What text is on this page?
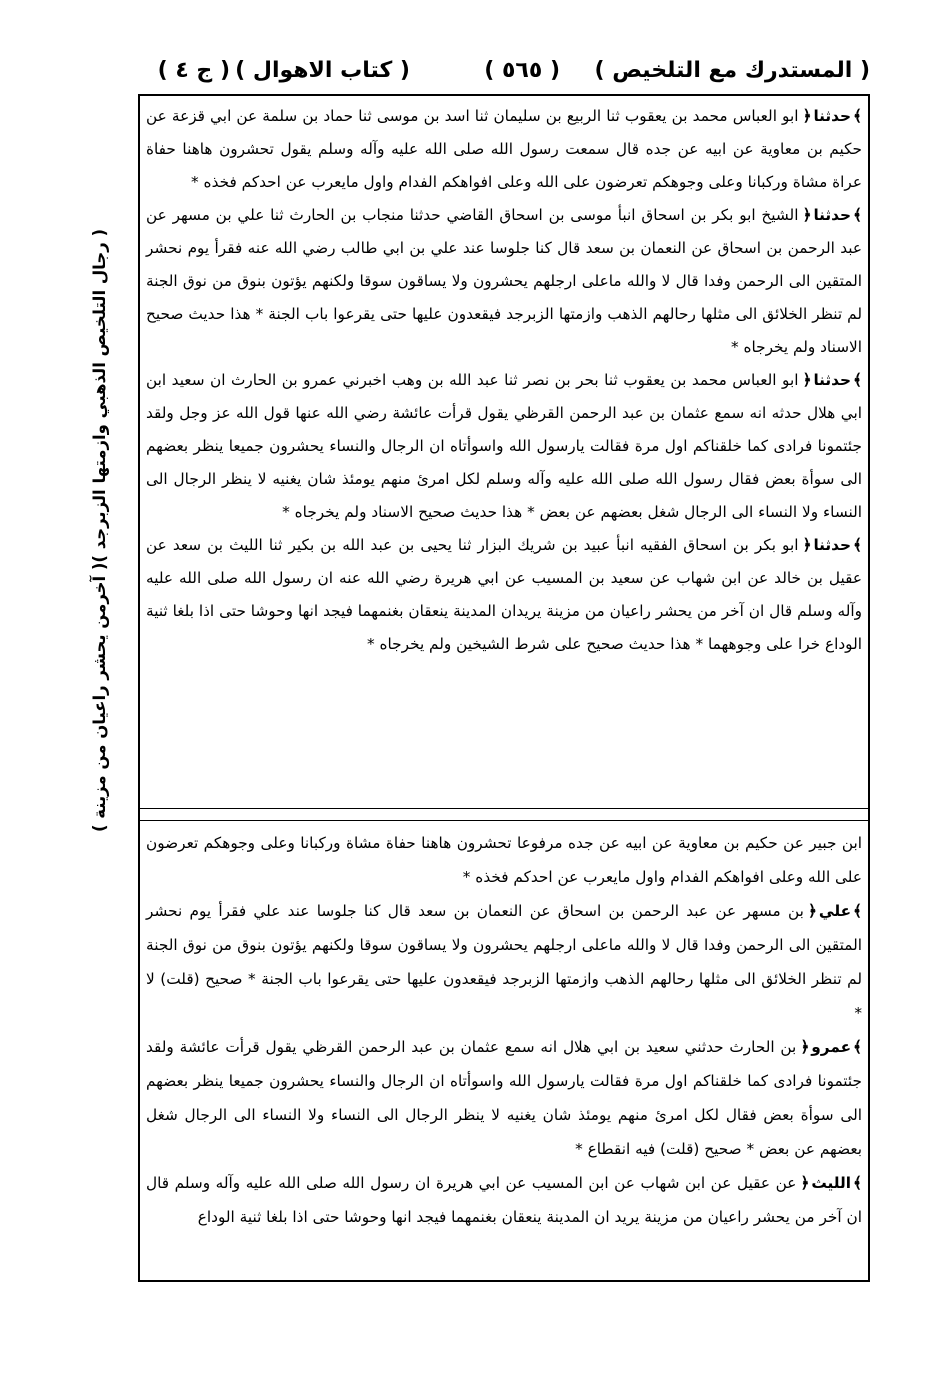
( المستدرك مع التلخيص )
( ٥٦٥ )
( كتاب الاهوال )
( ج ٤ )
( رجال التلخيص الذهبي وازمتها الزبرجد )( آخرمن يحشر راعيان من مزينة )

﴾ حدثنا ﴿ابو العباس محمد بن يعقوب ثنا الربيع بن سليمان ثنا اسد بن موسى ثنا حماد بن سلمة عن ابي قزعة عن حكيم بن معاوية عن ابيه عن جده قال سمعت رسول الله صلى الله عليه وآله وسلم يقول تحشرون هاهنا حفاة عراة مشاة وركبانا وعلى وجوهكم تعرضون على الله وعلى افواهكم الفدام واول مايعرب عن احدكم فخذه *

﴾ حدثنا ﴿الشيخ ابو بكر بن اسحاق انبأ موسى بن اسحاق القاضي حدثنا منجاب بن الحارث ثنا علي بن مسهر عن عبد الرحمن بن اسحاق عن النعمان بن سعد قال كنا جلوسا عند علي بن ابي طالب رضي الله عنه فقرأ يوم نحشر المتقين الى الرحمن وفدا قال لا والله ماعلى ارجلهم يحشرون ولا يساقون سوقا ولكنهم يؤتون بنوق من نوق الجنة لم تنظر الخلائق الى مثلها رحالهم الذهب وازمتها الزبرجد فيقعدون عليها حتى يقرعوا باب الجنة * هذا حديث صحيح الاسناد ولم يخرجاه *

﴾ حدثنا ﴿ابو العباس محمد بن يعقوب ثنا بحر بن نصر ثنا عبد الله بن وهب اخبرني عمرو بن الحارث ان سعيد ابن ابي هلال حدثه انه سمع عثمان بن عبد الرحمن القرظي يقول قرأت عائشة رضي الله عنها قول الله عز وجل ولقد جئتمونا فرادى كما خلقناكم اول مرة فقالت يارسول الله واسوأتاه ان الرجال والنساء يحشرون جميعا ينظر بعضهم الى سوأة بعض فقال رسول الله صلى الله عليه وآله وسلم لكل امرئ منهم يومئذ شان يغنيه لا ينظر الرجال الى النساء ولا النساء الى الرجال شغل بعضهم عن بعض * هذا حديث صحيح الاسناد ولم يخرجاه *

﴾ حدثنا ﴿ابو بكر بن اسحاق الفقيه انبأ عبيد بن شريك البزار ثنا يحيى بن عبد الله بن بكير ثنا الليث بن سعد عن عقيل بن خالد عن ابن شهاب عن سعيد بن المسيب عن ابي هريرة رضي الله عنه ان رسول الله صلى الله عليه وآله وسلم قال ان آخر من يحشر راعيان من مزينة يريدان المدينة ينعقان بغنمهما فيجد انها وحوشا حتى اذا بلغا ثنية الوداع خرا على وجوههما * هذا حديث صحيح على شرط الشيخين ولم يخرجاه *

ابن جبير عن حكيم بن معاوية عن ابيه عن جده مرفوعا تحشرون هاهنا حفاة مشاة وركبانا وعلى وجوهكم تعرضون على الله وعلى افواهكم الفدام واول مايعرب عن احدكم فخذه *

﴾ علي ﴿بن مسهر عن عبد الرحمن بن اسحاق عن النعمان بن سعد قال كنا جلوسا عند علي فقرأ يوم نحشر المتقين الى الرحمن وفدا قال لا والله ماعلى ارجلهم يحشرون ولا يساقون سوقا ولكنهم يؤتون بنوق من نوق الجنة لم تنظر الخلائق الى مثلها رحالهم الذهب وازمتها الزبرجد فيقعدون عليها حتى يقرعوا باب الجنة * صحيح (قلت) لا *

﴾ عمرو ﴿بن الحارث حدثني سعيد بن ابي هلال انه سمع عثمان بن عبد الرحمن القرظي يقول قرأت عائشة ولقد جئتمونا فرادى كما خلقناكم اول مرة فقالت يارسول الله واسوأتاه ان الرجال والنساء يحشرون جميعا ينظر بعضهم الى سوأة بعض فقال لكل امرئ منهم يومئذ شان يغنيه لا ينظر الرجال الى النساء ولا النساء الى الرجال شغل بعضهم عن بعض * صحيح (قلت) فيه انقطاع *

﴾ الليث ﴿عن عقيل عن ابن شهاب عن ابن المسيب عن ابي هريرة ان رسول الله صلى الله عليه وآله وسلم قال ان آخر من يحشر راعيان من مزينة يريد ان المدينة ينعقان بغنمهما فيجد انها وحوشا حتى اذا بلغا ثنية الوداع
